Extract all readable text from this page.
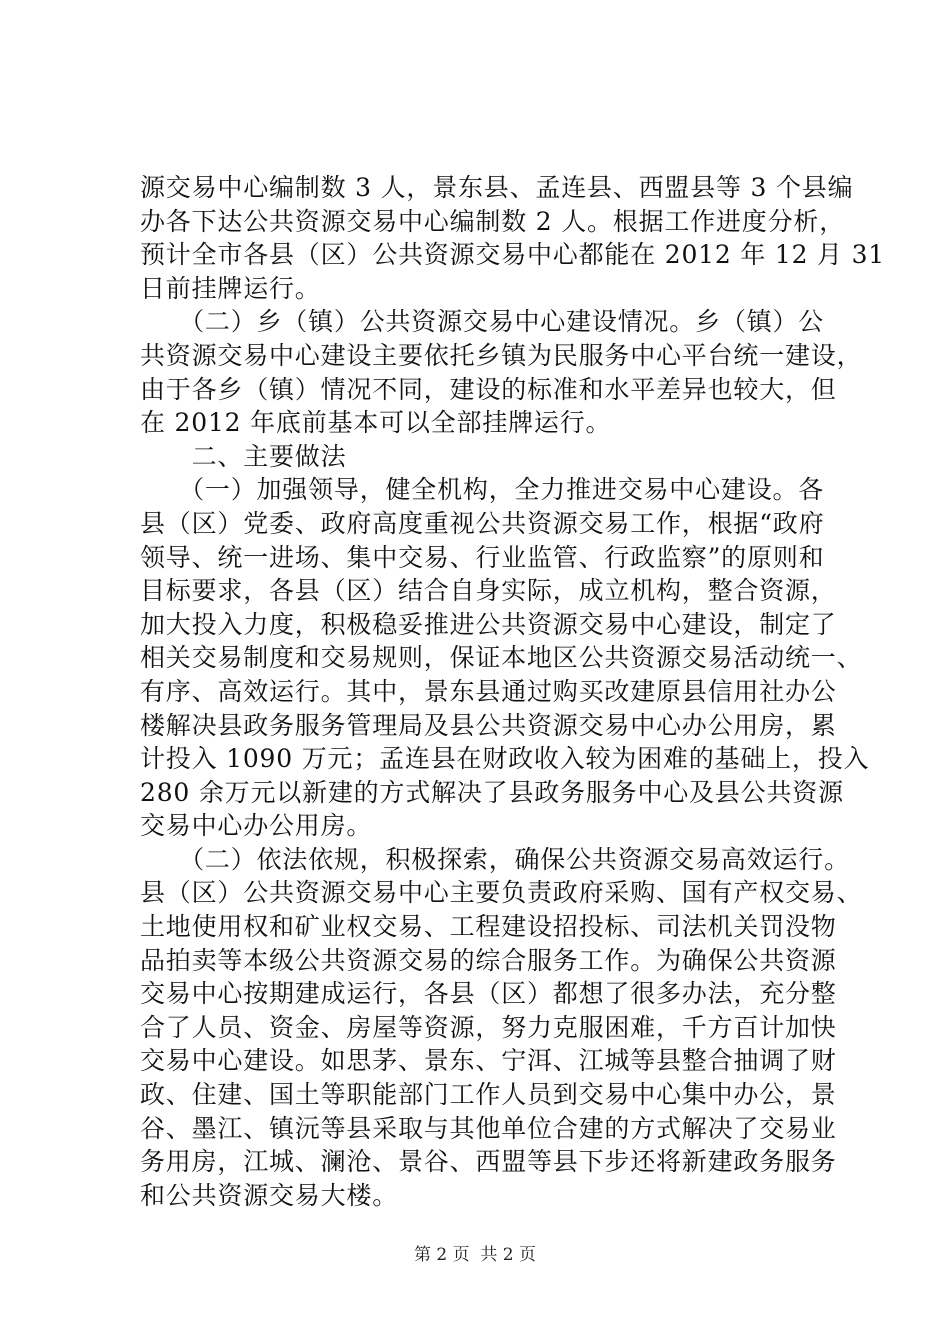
源交易中心编制数 3 人，景东县、孟连县、西盟县等 3 个县编
办各下达公共资源交易中心编制数 2 人。根据工作进度分析，
预计全市各县（区）公共资源交易中心都能在 2012 年 12 月 31
日前挂牌运行。
　　（二）乡（镇）公共资源交易中心建设情况。乡（镇）公
共资源交易中心建设主要依托乡镇为民服务中心平台统一建设，
由于各乡（镇）情况不同，建设的标准和水平差异也较大，但
在 2012 年底前基本可以全部挂牌运行。
　　二、主要做法
　　（一）加强领导，健全机构，全力推进交易中心建设。各
县（区）党委、政府高度重视公共资源交易工作，根据“政府
领导、统一进场、集中交易、行业监管、行政监察”的原则和
目标要求，各县（区）结合自身实际，成立机构，整合资源，
加大投入力度，积极稳妥推进公共资源交易中心建设，制定了
相关交易制度和交易规则，保证本地区公共资源交易活动统一、
有序、高效运行。其中，景东县通过购买改建原县信用社办公
楼解决县政务服务管理局及县公共资源交易中心办公用房，累
计投入 1090 万元；孟连县在财政收入较为困难的基础上，投入
280 余万元以新建的方式解决了县政务服务中心及县公共资源
交易中心办公用房。
　　（二）依法依规，积极探索，确保公共资源交易高效运行。
县（区）公共资源交易中心主要负责政府采购、国有产权交易、
土地使用权和矿业权交易、工程建设招投标、司法机关罚没物
品拍卖等本级公共资源交易的综合服务工作。为确保公共资源
交易中心按期建成运行，各县（区）都想了很多办法，充分整
合了人员、资金、房屋等资源，努力克服困难，千方百计加快
交易中心建设。如思茅、景东、宁洱、江城等县整合抽调了财
政、住建、国土等职能部门工作人员到交易中心集中办公，景
谷、墨江、镇沅等县采取与其他单位合建的方式解决了交易业
务用房，江城、澜沧、景谷、西盟等县下步还将新建政务服务
和公共资源交易大楼。
第 2 页  共 2 页
